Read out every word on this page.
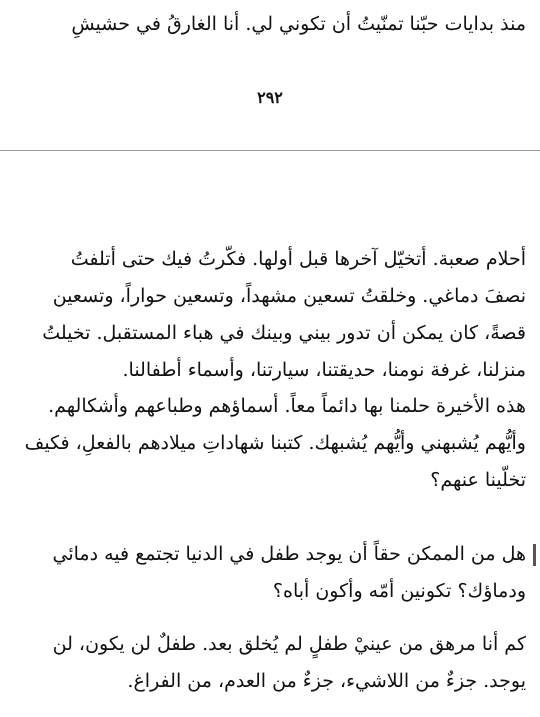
منذ بدايات حبّنا تمنّيتُ أن تكوني لي. أنا الغارقُ في حشيشِ
٢٩٢
أحلام صعبة. أتخيّل آخرها قبل أولها. فكّرتُ فيك حتى أتلفتُ
نصفَ دماغي. وخلقتُ تسعين مشهداً، وتسعين حواراً، وتسعين
قصةً، كان يمكن أن تدور بيني وبينك في هباء المستقبل. تخيلتُ
منزلنا، غرفة نومنا، حديقتنا، سيارتنا، وأسماء أطفالنا.
هذه الأخيرة حلمنا بها دائماً معاً. أسماؤهم وطباعهم وأشكالهم.
وأيُّهم يُشبهني وأيُّهم يُشبهك. كتبنا شهاداتِ ميلادهم بالفعلِ، فكيف
تخلّينا عنهم؟
هل من الممكن حقاً أن يوجد طفل في الدنيا تجتمع فيه دمائي
ودماؤك؟ تكونين أمّه وأكون أباه؟
كم أنا مرهق من عينيْ طفلٍ لم يُخلق بعد. طفلٌ لن يكون، لن
يوجد. جزءٌ من اللاشيء، جزءٌ من العدم، من الفراغ.
